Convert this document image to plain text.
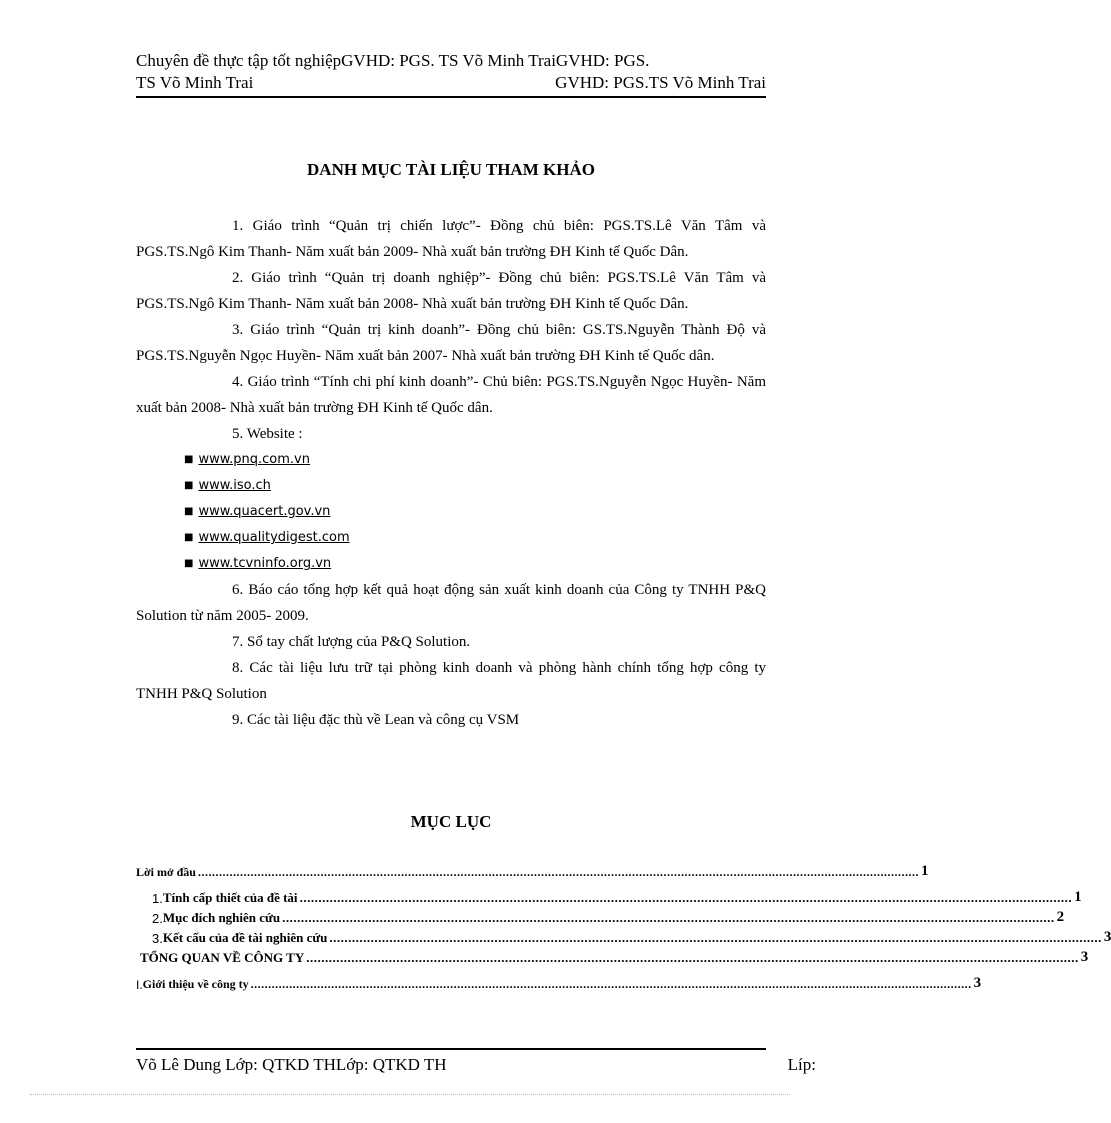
Chuyên đề thực tập tốt nghiệpGVHD: PGS. TS Võ Minh TraiGVHD: PGS.
TS Võ Minh Trai	GVHD: PGS.TS Võ Minh Trai
DANH MỤC TÀI LIỆU THAM KHẢO

1. Giáo trình “Quản trị chiến lược”- Đồng chủ biên: PGS.TS.Lê Văn Tâm và PGS.TS.Ngô Kim Thanh- Năm xuất bản 2009- Nhà xuất bản trường ĐH Kinh tế Quốc Dân.

2. Giáo trình “Quản trị doanh nghiệp”- Đồng chủ biên: PGS.TS.Lê Văn Tâm và PGS.TS.Ngô Kim Thanh- Năm xuất bản 2008- Nhà xuất bản trường ĐH Kinh tế Quốc Dân.

3. Giáo trình “Quản trị kinh doanh”- Đồng chủ biên: GS.TS.Nguyễn Thành Độ và PGS.TS.Nguyễn Ngọc Huyền- Năm xuất bản 2007- Nhà xuất bản trường ĐH Kinh tế Quốc dân.

4. Giáo trình “Tính chi phí kinh doanh”- Chủ biên: PGS.TS.Nguyễn Ngọc Huyền- Năm xuất bản 2008- Nhà xuất bản trường ĐH Kinh tế Quốc dân.

5. Website :

■ www.pnq.com.vn

■ www.iso.ch

■ www.quacert.gov.vn

■ www.qualitydigest.com

■ www.tcvninfo.org.vn

6. Báo cáo tổng hợp kết quả hoạt động sản xuất kinh doanh của Công ty TNHH P&Q Solution từ năm 2005- 2009.

7. Sổ tay chất lượng của P&Q Solution.

8. Các tài liệu lưu trữ tại phòng kinh doanh và phòng hành chính tổng hợp công ty TNHH P&Q Solution

9. Các tài liệu đặc thù về Lean và công cụ VSM

MỤC LỤC
Lời mở đầu .............................................................................................................................................................................................................. 1
1. Tính cấp thiết của đề tài .............................................................................................................................................................................................................. 1
2. Mục đích nghiên cứu .............................................................................................................................................................................................................. 2
3. Kết cấu của đề tài nghiên cứu .............................................................................................................................................................................................................. 3
TỔNG QUAN VỀ CÔNG TY .............................................................................................................................................................................................................. 3
I. Giới thiệu về công ty .............................................................................................................................................................................................................. 3
Võ Lê Dung Lớp: QTKD THLớp: QTKD TH	Líp:
